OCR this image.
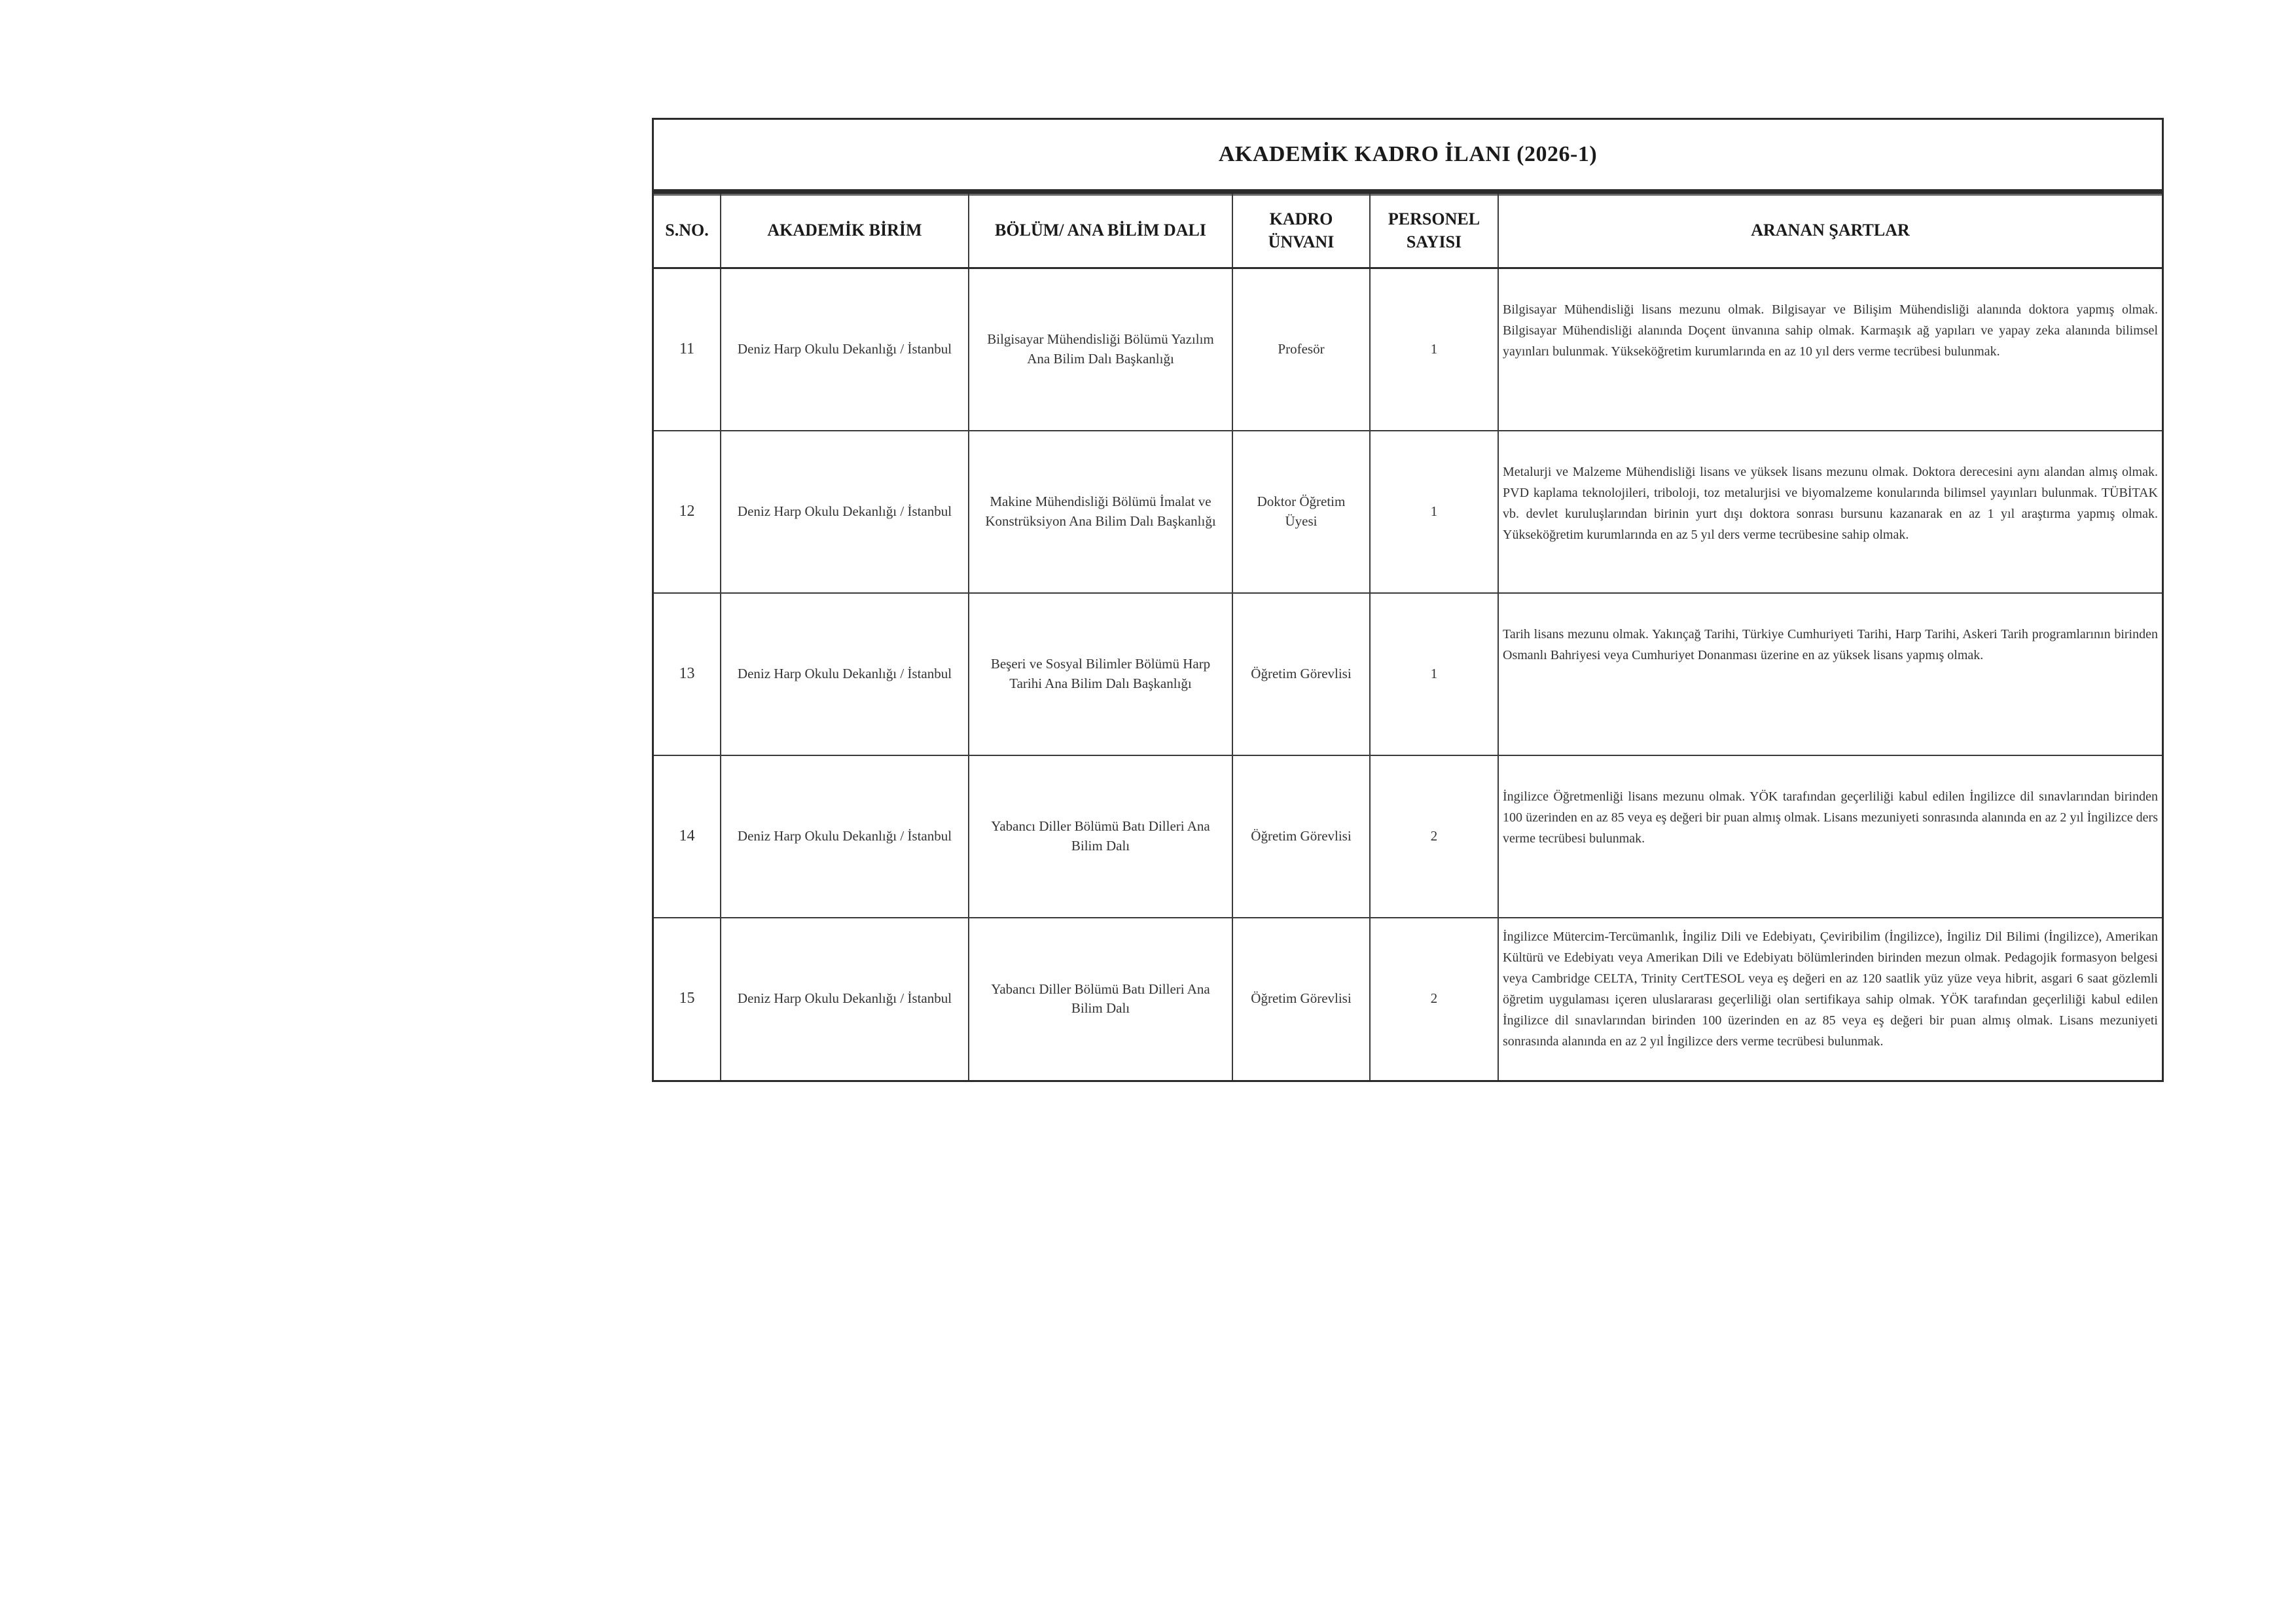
AKADEMİK KADRO İLANI (2026-1)
S.NO.	AKADEMİK BİRİM	BÖLÜM/ ANA BİLİM DALI	KADRO ÜNVANI	PERSONEL SAYISI	ARANAN ŞARTLAR
11	Deniz Harp Okulu Dekanlığı / İstanbul	Bilgisayar Mühendisliği Bölümü Yazılım Ana Bilim Dalı Başkanlığı	Profesör	1	Bilgisayar Mühendisliği lisans mezunu olmak. Bilgisayar ve Bilişim Mühendisliği alanında doktora yapmış olmak. Bilgisayar Mühendisliği alanında Doçent ünvanına sahip olmak. Karmaşık ağ yapıları ve yapay zeka alanında bilimsel yayınları bulunmak. Yükseköğretim kurumlarında en az 10 yıl ders verme tecrübesi bulunmak.
12	Deniz Harp Okulu Dekanlığı / İstanbul	Makine Mühendisliği Bölümü İmalat ve Konstrüksiyon Ana Bilim Dalı Başkanlığı	Doktor Öğretim Üyesi	1	Metalurji ve Malzeme Mühendisliği lisans ve yüksek lisans mezunu olmak. Doktora derecesini aynı alandan almış olmak. PVD kaplama teknolojileri, triboloji, toz metalurjisi ve biyomalzeme konularında bilimsel yayınları bulunmak. TÜBİTAK vb. devlet kuruluşlarından birinin yurt dışı doktora sonrası bursunu kazanarak en az 1 yıl araştırma yapmış olmak. Yükseköğretim kurumlarında en az 5 yıl ders verme tecrübesine sahip olmak.
13	Deniz Harp Okulu Dekanlığı / İstanbul	Beşeri ve Sosyal Bilimler Bölümü Harp Tarihi Ana Bilim Dalı Başkanlığı	Öğretim Görevlisi	1	Tarih lisans mezunu olmak. Yakınçağ Tarihi, Türkiye Cumhuriyeti Tarihi, Harp Tarihi, Askeri Tarih programlarının birinden Osmanlı Bahriyesi veya Cumhuriyet Donanması üzerine en az yüksek lisans yapmış olmak.
14	Deniz Harp Okulu Dekanlığı / İstanbul	Yabancı Diller Bölümü Batı Dilleri Ana Bilim Dalı	Öğretim Görevlisi	2	İngilizce Öğretmenliği lisans mezunu olmak. YÖK tarafından geçerliliği kabul edilen İngilizce dil sınavlarından birinden 100 üzerinden en az 85 veya eş değeri bir puan almış olmak. Lisans mezuniyeti sonrasında alanında en az 2 yıl İngilizce ders verme tecrübesi bulunmak.
15	Deniz Harp Okulu Dekanlığı / İstanbul	Yabancı Diller Bölümü Batı Dilleri Ana Bilim Dalı	Öğretim Görevlisi	2	İngilizce Mütercim-Tercümanlık, İngiliz Dili ve Edebiyatı, Çeviribilim (İngilizce), İngiliz Dil Bilimi (İngilizce), Amerikan Kültürü ve Edebiyatı veya Amerikan Dili ve Edebiyatı bölümlerinden birinden mezun olmak. Pedagojik formasyon belgesi veya Cambridge CELTA, Trinity CertTESOL veya eş değeri en az 120 saatlik yüz yüze veya hibrit, asgari 6 saat gözlemli öğretim uygulaması içeren uluslararası geçerliliği olan sertifikaya sahip olmak. YÖK tarafından geçerliliği kabul edilen İngilizce dil sınavlarından birinden 100 üzerinden en az 85 veya eş değeri bir puan almış olmak. Lisans mezuniyeti sonrasında alanında en az 2 yıl İngilizce ders verme tecrübesi bulunmak.
